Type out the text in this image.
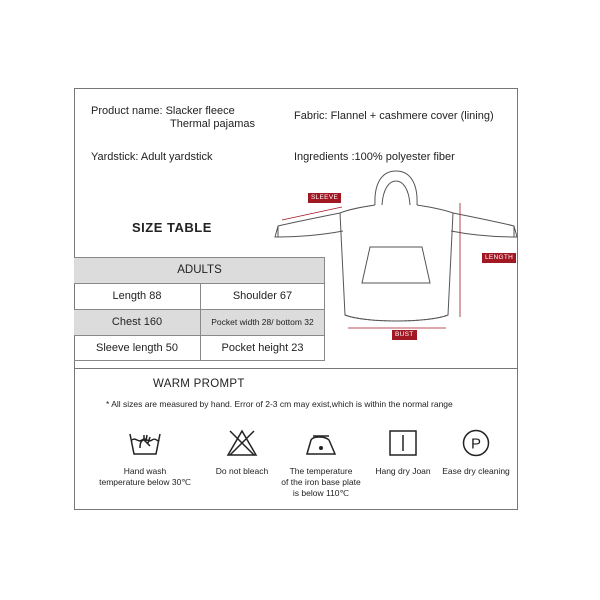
Product name: Slacker fleece
Thermal pajamas
Fabric: Flannel + cashmere cover (lining)
Yardstick: Adult yardstick	Ingredients :100% polyester fiber
SIZE TABLE
ADULTS
Length 88	Shoulder 67
Chest 160	Pocket width 28/ bottom 32
Sleeve length 50	Pocket height 23
SLEEVE
LENGTH
BUST
WARM PROMPT
* All sizes are measured by hand. Error of 2-3 cm may exist,which is within the normal range
Hand wash
temperature below 30℃
Do not bleach	The temperature
of the iron base plate
is below 110℃
Hang dry Joan
P
Ease dry cleaning
